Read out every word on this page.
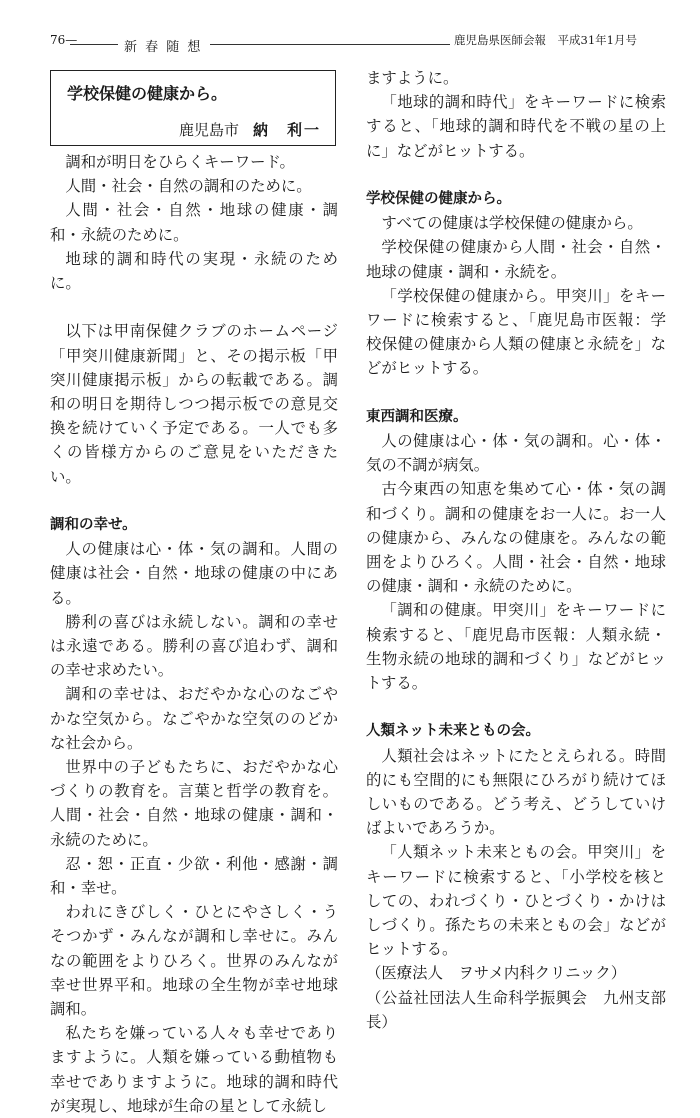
76—	新 春 随 想	鹿児島県医師会報　平成31年1月号
学校保健の健康から。
鹿児島市 納　利一

調和が明日をひらくキーワード。

人間・社会・自然の調和のために。

人間・社会・自然・地球の健康・調和・永続のために。

地球的調和時代の実現・永続のために。

以下は甲南保健クラブのホームページ「甲突川健康新聞」と、その掲示板「甲突川健康掲示板」からの転載である。調和の明日を期待しつつ掲示板での意見交換を続けていく予定である。一人でも多くの皆様方からのご意見をいただきたい。

調和の幸せ。

人の健康は心・体・気の調和。人間の健康は社会・自然・地球の健康の中にある。

勝利の喜びは永続しない。調和の幸せは永遠である。勝利の喜び追わず、調和の幸せ求めたい。

調和の幸せは、おだやかな心のなごやかな空気から。なごやかな空気ののどかな社会から。

世界中の子どもたちに、おだやかな心づくりの教育を。言葉と哲学の教育を。人間・社会・自然・地球の健康・調和・永続のために。

忍・恕・正直・少欲・利他・感謝・調和・幸せ。

われにきびしく・ひとにやさしく・うそつかず・みんなが調和し幸せに。みんなの範囲をよりひろく。世界のみんなが幸せ世界平和。地球の全生物が幸せ地球調和。

私たちを嫌っている人々も幸せでありますように。人類を嫌っている動植物も幸せでありますように。地球的調和時代が実現し、地球が生命の星として永続し

ますように。

「地球的調和時代」をキーワードに検索すると、「地球的調和時代を不戦の星の上に」などがヒットする。

学校保健の健康から。

すべての健康は学校保健の健康から。

学校保健の健康から人間・社会・自然・地球の健康・調和・永続を。

「学校保健の健康から。甲突川」をキーワードに検索すると、「鹿児島市医報：学校保健の健康から人類の健康と永続を」などがヒットする。

東西調和医療。

人の健康は心・体・気の調和。心・体・気の不調が病気。

古今東西の知恵を集めて心・体・気の調和づくり。調和の健康をお一人に。お一人の健康から、みんなの健康を。みんなの範囲をよりひろく。人間・社会・自然・地球の健康・調和・永続のために。

「調和の健康。甲突川」をキーワードに検索すると、「鹿児島市医報：人類永続・生物永続の地球的調和づくり」などがヒットする。

人類ネット未来ともの会。

人類社会はネットにたとえられる。時間的にも空間的にも無限にひろがり続けてほしいものである。どう考え、どうしていけばよいであろうか。

「人類ネット未来ともの会。甲突川」をキーワードに検索すると、「小学校を核としての、われづくり・ひとづくり・かけはしづくり。孫たちの未来ともの会」などがヒットする。

（医療法人　ヲサメ内科クリニック）

（公益社団法人生命科学振興会　九州支部長）
